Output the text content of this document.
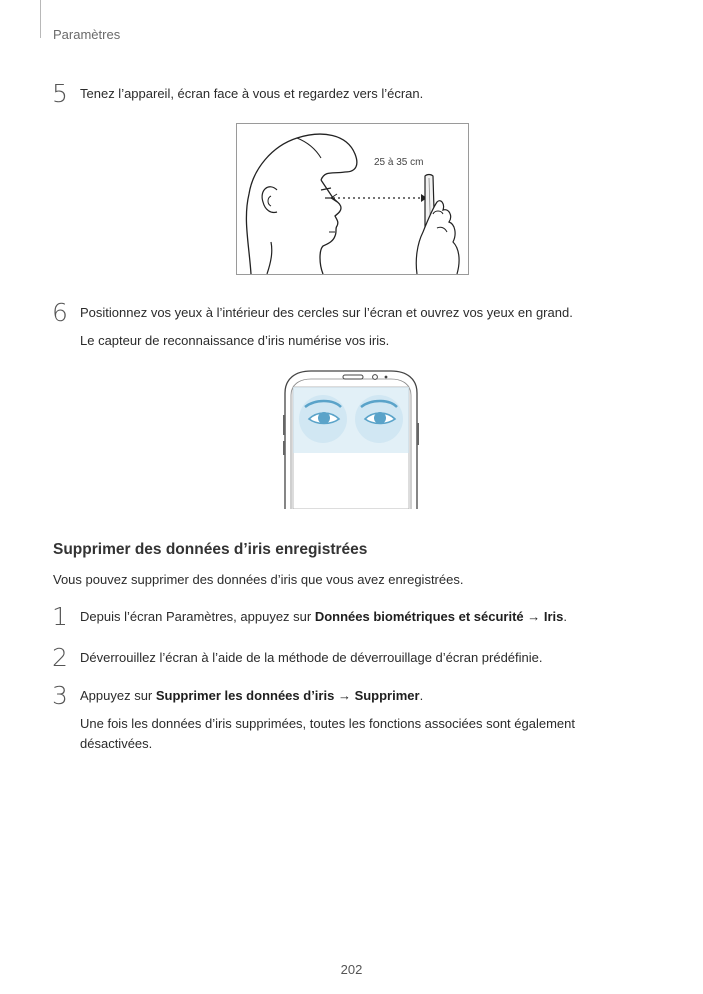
Paramètres
5 Tenez l’appareil, écran face à vous et regardez vers l’écran.
25 à 35 cm
6 Positionnez vos yeux à l’intérieur des cercles sur l’écran et ouvrez vos yeux en grand.
Le capteur de reconnaissance d’iris numérise vos iris.
Supprimer des données d’iris enregistrées
Vous pouvez supprimer des données d’iris que vous avez enregistrées.
1 Depuis l’écran Paramètres, appuyez sur Données biométriques et sécurité → Iris.
2 Déverrouillez l’écran à l’aide de la méthode de déverrouillage d’écran prédéfinie.
3 Appuyez sur Supprimer les données d’iris → Supprimer.
Une fois les données d’iris supprimées, toutes les fonctions associées sont également
désactivées.
202
